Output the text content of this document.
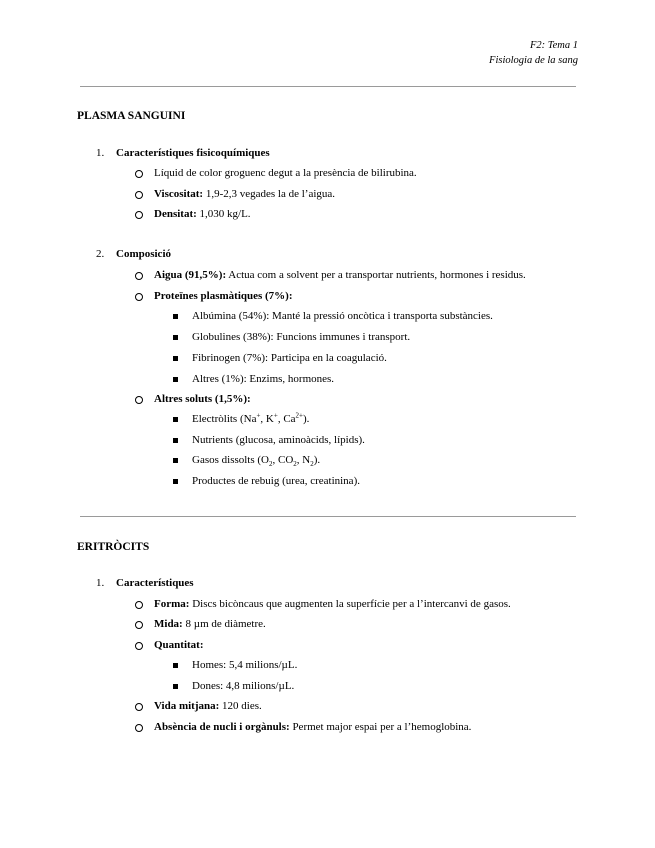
F2: Tema 1
Fisiologia de la sang
PLASMA SANGUINI
1. Característiques fisicoquímiques
Líquid de color groguenc degut a la presència de bilirubina.
Viscositat: 1,9-2,3 vegades la de l’aigua.
Densitat: 1,030 kg/L.
2. Composició
Aigua (91,5%): Actua com a solvent per a transportar nutrients, hormones i residus.
Proteïnes plasmàtiques (7%):
Albúmina (54%): Manté la pressió oncòtica i transporta substàncies.
Globulines (38%): Funcions immunes i transport.
Fibrinogen (7%): Participa en la coagulació.
Altres (1%): Enzims, hormones.
Altres soluts (1,5%):
Electròlits (Na+, K+, $Ca^{2+}$).
Nutrients (glucosa, aminoàcids, lípids).
Gasos dissolts ($O_2$, $CO_2$, $N_2$).
Productes de rebuig (urea, creatinina).
ERITRÒCITS
1. Característiques
Forma: Discs bicòncaus que augmenten la superfície per a l’intercanvi de gasos.
Mida: 8 µm de diàmetre.
Quantitat:
Homes: 5,4 milions/µL.
Dones: 4,8 milions/µL.
Vida mitjana: 120 dies.
Absència de nucli i orgànuls: Permet major espai per a l’hemoglobina.
